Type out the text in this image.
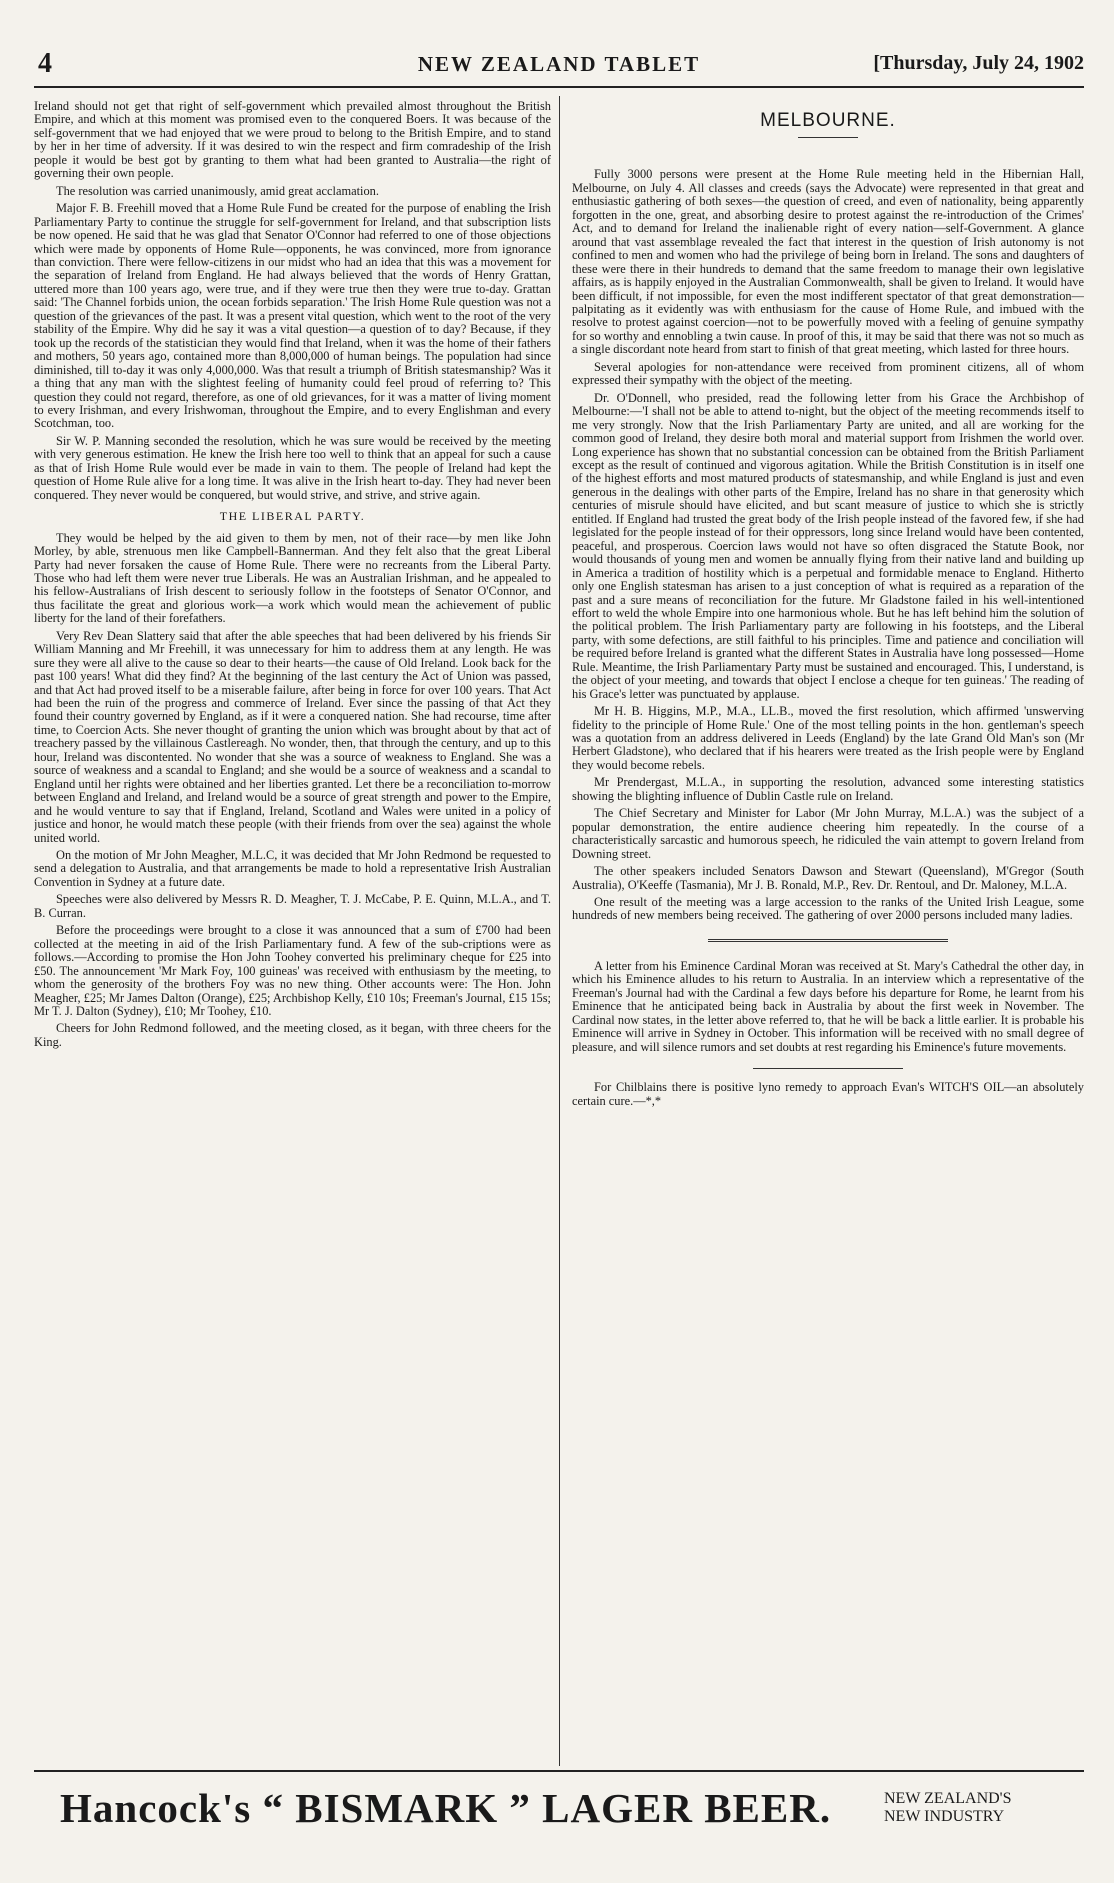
4	NEW ZEALAND TABLET	[Thursday, July 24, 1902

Ireland should not get that right of self-government which prevailed almost throughout the British Empire, and which at this moment was promised even to the conquered Boers. It was because of the self-government that we had enjoyed that we were proud to belong to the British Empire, and to stand by her in her time of adversity. If it was desired to win the respect and firm comradeship of the Irish people it would be best got by granting to them what had been granted to Australia—the right of governing their own people.

The resolution was carried unanimously, amid great acclamation.

Major F. B. Freehill moved that a Home Rule Fund be created for the purpose of enabling the Irish Parliamentary Party to continue the struggle for self-government for Ireland, and that subscription lists be now opened. He said that he was glad that Senator O'Connor had referred to one of those objections which were made by opponents of Home Rule—opponents, he was convinced, more from ignorance than conviction. There were fellow-citizens in our midst who had an idea that this was a movement for the separation of Ireland from England. He had always believed that the words of Henry Grattan, uttered more than 100 years ago, were true, and if they were true then they were true to-day. Grattan said: 'The Channel forbids union, the ocean forbids separation.' The Irish Home Rule question was not a question of the grievances of the past. It was a present vital question, which went to the root of the very stability of the Empire. Why did he say it was a vital question—a question of to day? Because, if they took up the records of the statistician they would find that Ireland, when it was the home of their fathers and mothers, 50 years ago, contained more than 8,000,000 of human beings. The population had since diminished, till to-day it was only 4,000,000. Was that result a triumph of British statesmanship? Was it a thing that any man with the slightest feeling of humanity could feel proud of referring to? This question they could not regard, therefore, as one of old grievances, for it was a matter of living moment to every Irishman, and every Irishwoman, throughout the Empire, and to every Englishman and every Scotchman, too.

Sir W. P. Manning seconded the resolution, which he was sure would be received by the meeting with very generous estimation. He knew the Irish here too well to think that an appeal for such a cause as that of Irish Home Rule would ever be made in vain to them. The people of Ireland had kept the question of Home Rule alive for a long time. It was alive in the Irish heart to-day. They had never been conquered. They never would be conquered, but would strive, and strive, and strive again.

THE LIBERAL PARTY.

They would be helped by the aid given to them by men, not of their race—by men like John Morley, by able, strenuous men like Campbell-Bannerman. And they felt also that the great Liberal Party had never forsaken the cause of Home Rule. There were no recreants from the Liberal Party. Those who had left them were never true Liberals. He was an Australian Irishman, and he appealed to his fellow-Australians of Irish descent to seriously follow in the footsteps of Senator O'Connor, and thus facilitate the great and glorious work—a work which would mean the achievement of public liberty for the land of their forefathers.

Very Rev Dean Slattery said that after the able speeches that had been delivered by his friends Sir William Manning and Mr Freehill, it was unnecessary for him to address them at any length. He was sure they were all alive to the cause so dear to their hearts—the cause of Old Ireland. Look back for the past 100 years! What did they find? At the beginning of the last century the Act of Union was passed, and that Act had proved itself to be a miserable failure, after being in force for over 100 years. That Act had been the ruin of the progress and commerce of Ireland. Ever since the passing of that Act they found their country governed by England, as if it were a conquered nation. She had recourse, time after time, to Coercion Acts. She never thought of granting the union which was brought about by that act of treachery passed by the villainous Castlereagh. No wonder, then, that through the century, and up to this hour, Ireland was discontented. No wonder that she was a source of weakness to England. She was a source of weakness and a scandal to England; and she would be a source of weakness and a scandal to England until her rights were obtained and her liberties granted. Let there be a reconciliation to-morrow between England and Ireland, and Ireland would be a source of great strength and power to the Empire, and he would venture to say that if England, Ireland, Scotland and Wales were united in a policy of justice and honor, he would match these people (with their friends from over the sea) against the whole united world.

On the motion of Mr John Meagher, M.L.C, it was decided that Mr John Redmond be requested to send a delegation to Australia, and that arrangements be made to hold a representative Irish Australian Convention in Sydney at a future date.

Speeches were also delivered by Messrs R. D. Meagher, T. J. McCabe, P. E. Quinn, M.L.A., and T. B. Curran.

Before the proceedings were brought to a close it was announced that a sum of £700 had been collected at the meeting in aid of the Irish Parliamentary fund. A few of the sub-criptions were as follows.—According to promise the Hon John Toohey converted his preliminary cheque for £25 into £50. The announcement 'Mr Mark Foy, 100 guineas' was received with enthusiasm by the meeting, to whom the generosity of the brothers Foy was no new thing. Other accounts were: The Hon. John Meagher, £25; Mr James Dalton (Orange), £25; Archbishop Kelly, £10 10s; Freeman's Journal, £15 15s; Mr T. J. Dalton (Sydney), £10; Mr Toohey, £10.

Cheers for John Redmond followed, and the meeting closed, as it began, with three cheers for the King.

MELBOURNE.

Fully 3000 persons were present at the Home Rule meeting held in the Hibernian Hall, Melbourne, on July 4. All classes and creeds (says the Advocate) were represented in that great and enthusiastic gathering of both sexes—the question of creed, and even of nationality, being apparently forgotten in the one, great, and absorbing desire to protest against the re-introduction of the Crimes' Act, and to demand for Ireland the inalienable right of every nation—self-Government. A glance around that vast assemblage revealed the fact that interest in the question of Irish autonomy is not confined to men and women who had the privilege of being born in Ireland. The sons and daughters of these were there in their hundreds to demand that the same freedom to manage their own legislative affairs, as is happily enjoyed in the Australian Commonwealth, shall be given to Ireland. It would have been difficult, if not impossible, for even the most indifferent spectator of that great demonstration—palpitating as it evidently was with enthusiasm for the cause of Home Rule, and imbued with the resolve to protest against coercion—not to be powerfully moved with a feeling of genuine sympathy for so worthy and ennobling a twin cause. In proof of this, it may be said that there was not so much as a single discordant note heard from start to finish of that great meeting, which lasted for three hours.

Several apologies for non-attendance were received from prominent citizens, all of whom expressed their sympathy with the object of the meeting.

Dr. O'Donnell, who presided, read the following letter from his Grace the Archbishop of Melbourne:—'I shall not be able to attend to-night, but the object of the meeting recommends itself to me very strongly. Now that the Irish Parliamentary Party are united, and all are working for the common good of Ireland, they desire both moral and material support from Irishmen the world over. Long experience has shown that no substantial concession can be obtained from the British Parliament except as the result of continued and vigorous agitation. While the British Constitution is in itself one of the highest efforts and most matured products of statesmanship, and while England is just and even generous in the dealings with other parts of the Empire, Ireland has no share in that generosity which centuries of misrule should have elicited, and but scant measure of justice to which she is strictly entitled. If England had trusted the great body of the Irish people instead of the favored few, if she had legislated for the people instead of for their oppressors, long since Ireland would have been contented, peaceful, and prosperous. Coercion laws would not have so often disgraced the Statute Book, nor would thousands of young men and women be annually flying from their native land and building up in America a tradition of hostility which is a perpetual and formidable menace to England. Hitherto only one English statesman has arisen to a just conception of what is required as a reparation of the past and a sure means of reconciliation for the future. Mr Gladstone failed in his well-intentioned effort to weld the whole Empire into one harmonious whole. But he has left behind him the solution of the political problem. The Irish Parliamentary party are following in his footsteps, and the Liberal party, with some defections, are still faithful to his principles. Time and patience and conciliation will be required before Ireland is granted what the different States in Australia have long possessed—Home Rule. Meantime, the Irish Parliamentary Party must be sustained and encouraged. This, I understand, is the object of your meeting, and towards that object I enclose a cheque for ten guineas.' The reading of his Grace's letter was punctuated by applause.

Mr H. B. Higgins, M.P., M.A., LL.B., moved the first resolution, which affirmed 'unswerving fidelity to the principle of Home Rule.' One of the most telling points in the hon. gentleman's speech was a quotation from an address delivered in Leeds (England) by the late Grand Old Man's son (Mr Herbert Gladstone), who declared that if his hearers were treated as the Irish people were by England they would become rebels.

Mr Prendergast, M.L.A., in supporting the resolution, advanced some interesting statistics showing the blighting influence of Dublin Castle rule on Ireland.

The Chief Secretary and Minister for Labor (Mr John Murray, M.L.A.) was the subject of a popular demonstration, the entire audience cheering him repeatedly. In the course of a characteristically sarcastic and humorous speech, he ridiculed the vain attempt to govern Ireland from Downing street.

The other speakers included Senators Dawson and Stewart (Queensland), M'Gregor (South Australia), O'Keeffe (Tasmania), Mr J. B. Ronald, M.P., Rev. Dr. Rentoul, and Dr. Maloney, M.L.A.

One result of the meeting was a large accession to the ranks of the United Irish League, some hundreds of new members being received. The gathering of over 2000 persons included many ladies.

A letter from his Eminence Cardinal Moran was received at St. Mary's Cathedral the other day, in which his Eminence alludes to his return to Australia. In an interview which a representative of the Freeman's Journal had with the Cardinal a few days before his departure for Rome, he learnt from his Eminence that he anticipated being back in Australia by about the first week in November. The Cardinal now states, in the letter above referred to, that he will be back a little earlier. It is probable his Eminence will arrive in Sydney in October. This information will be received with no small degree of pleasure, and will silence rumors and set doubts at rest regarding his Eminence's future movements.

For Chilblains there is positive lyno remedy to approach Evan's WITCH'S OIL—an absolutely certain cure.—*,*

Hancock's “ BISMARK ” LAGER BEER.	NEW ZEALAND'S
NEW INDUSTRY
